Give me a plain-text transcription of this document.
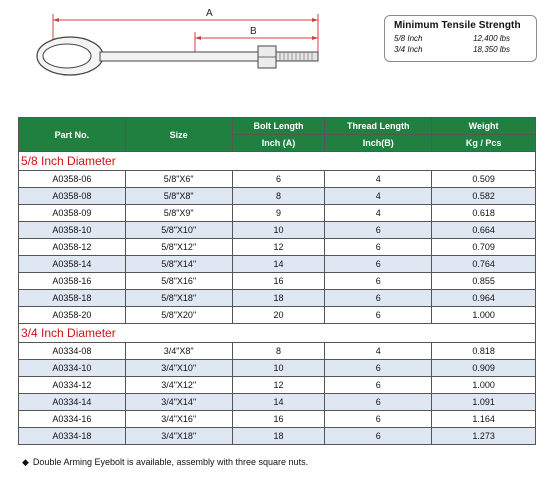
A
B
Minimum Tensile Strength
5/8 Inch	12,400 lbs
3/4 Inch	18,350 lbs
Part No.	Size	Bolt Length	Thread Length	Weight
		Inch (A)	Inch(B)	Kg / Pcs
5/8 Inch Diameter				
A0358-06	5/8"X6"	6	4	0.509
A0358-08	5/8"X8"	8	4	0.582
A0358-09	5/8"X9"	9	4	0.618
A0358-10	5/8"X10"	10	6	0.664
A0358-12	5/8"X12"	12	6	0.709
A0358-14	5/8"X14"	14	6	0.764
A0358-16	5/8"X16"	16	6	0.855
A0358-18	5/8"X18"	18	6	0.964
A0358-20	5/8"X20"	20	6	1.000
3/4 Inch Diameter				
A0334-08	3/4"X8"	8	4	0.818
A0334-10	3/4"X10"	10	6	0.909
A0334-12	3/4"X12"	12	6	1.000
A0334-14	3/4"X14"	14	6	1.091
A0334-16	3/4"X16"	16	6	1.164
A0334-18	3/4"X18"	18	6	1.273
◆ Double Arming Eyebolt is available, assembly with three square nuts.
